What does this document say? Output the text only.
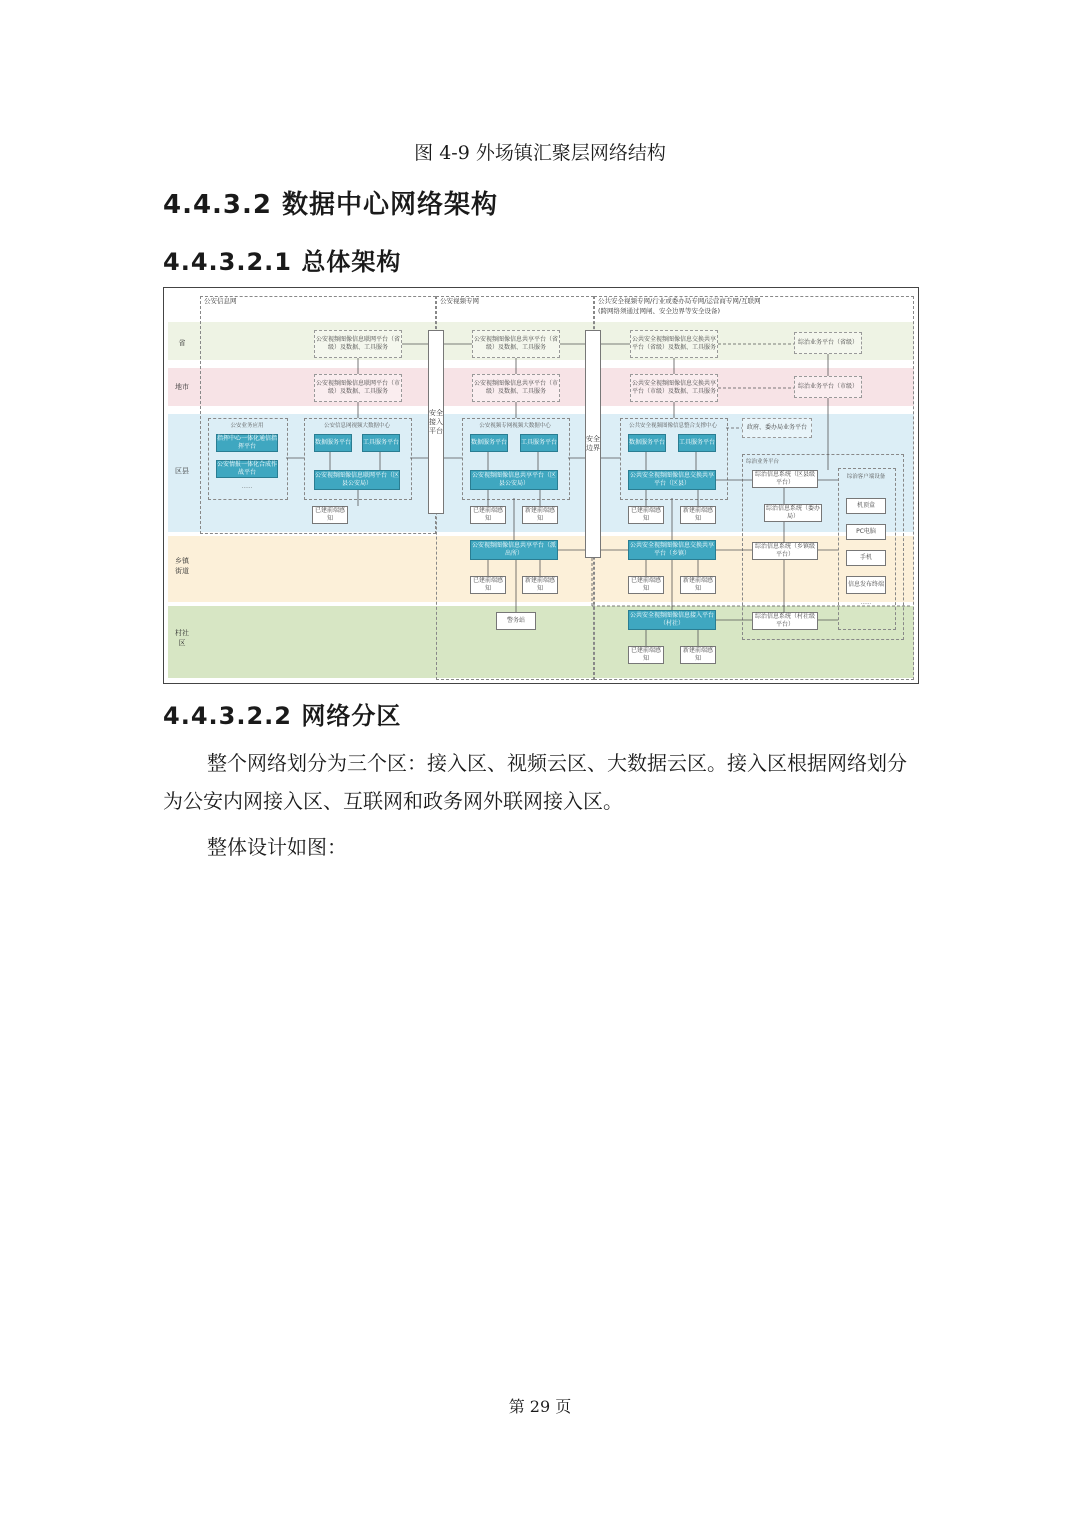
图 4-9 外场镇汇聚层网络结构
4.4.3.2 数据中心网络架构
4.4.3.2.1 总体架构
公安信息网	公安视频专网	公共安全视频专网/行业或委办局专网/运营商专网/互联网
(跨网络须通过网闸、安全边界等安全设备)
省
地市
区县
乡镇街道
村社区
安全接入平台
安全边界
公安视频图像信息联网平台（省级）及数据、工具服务
公安视频图像信息共享平台（省级）及数据、工具服务
公共安全视频图像信息交换共享平台（省级）及数据、工具服务
综治业务平台（省级）
公安视频图像信息联网平台（市级）及数据、工具服务
公安视频图像信息共享平台（市级）及数据、工具服务
公共安全视频图像信息交换共享平台（市级）及数据、工具服务
综治业务平台（市级）
公安业务应用
指挥中心一体化通信指挥平台
公安情报一体化合成作战平台
……
公安信息网视频大数据中心
数据服务平台 工具服务平台
公安视频图像信息联网平台（区县公安局）
已建前端感知
公安视频专网视频大数据中心
数据服务平台 工具服务平台
公安视频图像信息共享平台（区县公安局）
已建前端感知
新建前端感知
公共安全视频图像信息整合支撑中心
数据服务平台 工具服务平台
公共安全视频图像信息交换共享平台（区县）
已建前端感知
新建前端感知
政府、委办局业务平台
综治业务平台
综治信息系统（区县级平台）
综治信息系统（委办局）
综治客户端设备
机顶盒
PC电脑
手机
信息发布终端
……
公安视频图像信息共享平台（派出所）
已建前端感知
新建前端感知
公共安全视频图像信息交换共享平台（乡镇）
已建前端感知
新建前端感知
综治信息系统（乡镇级平台）
警务站
公共安全视频图像信息接入平台（村社）
已建前端感知
新建前端感知
综治信息系统（村社级平台）
4.4.3.2.2 网络分区
整个网络划分为三个区：接入区、视频云区、大数据云区。接入区根据网络划分为公安内网接入区、互联网和政务网外联网接入区。
整体设计如图：
第 29 页
